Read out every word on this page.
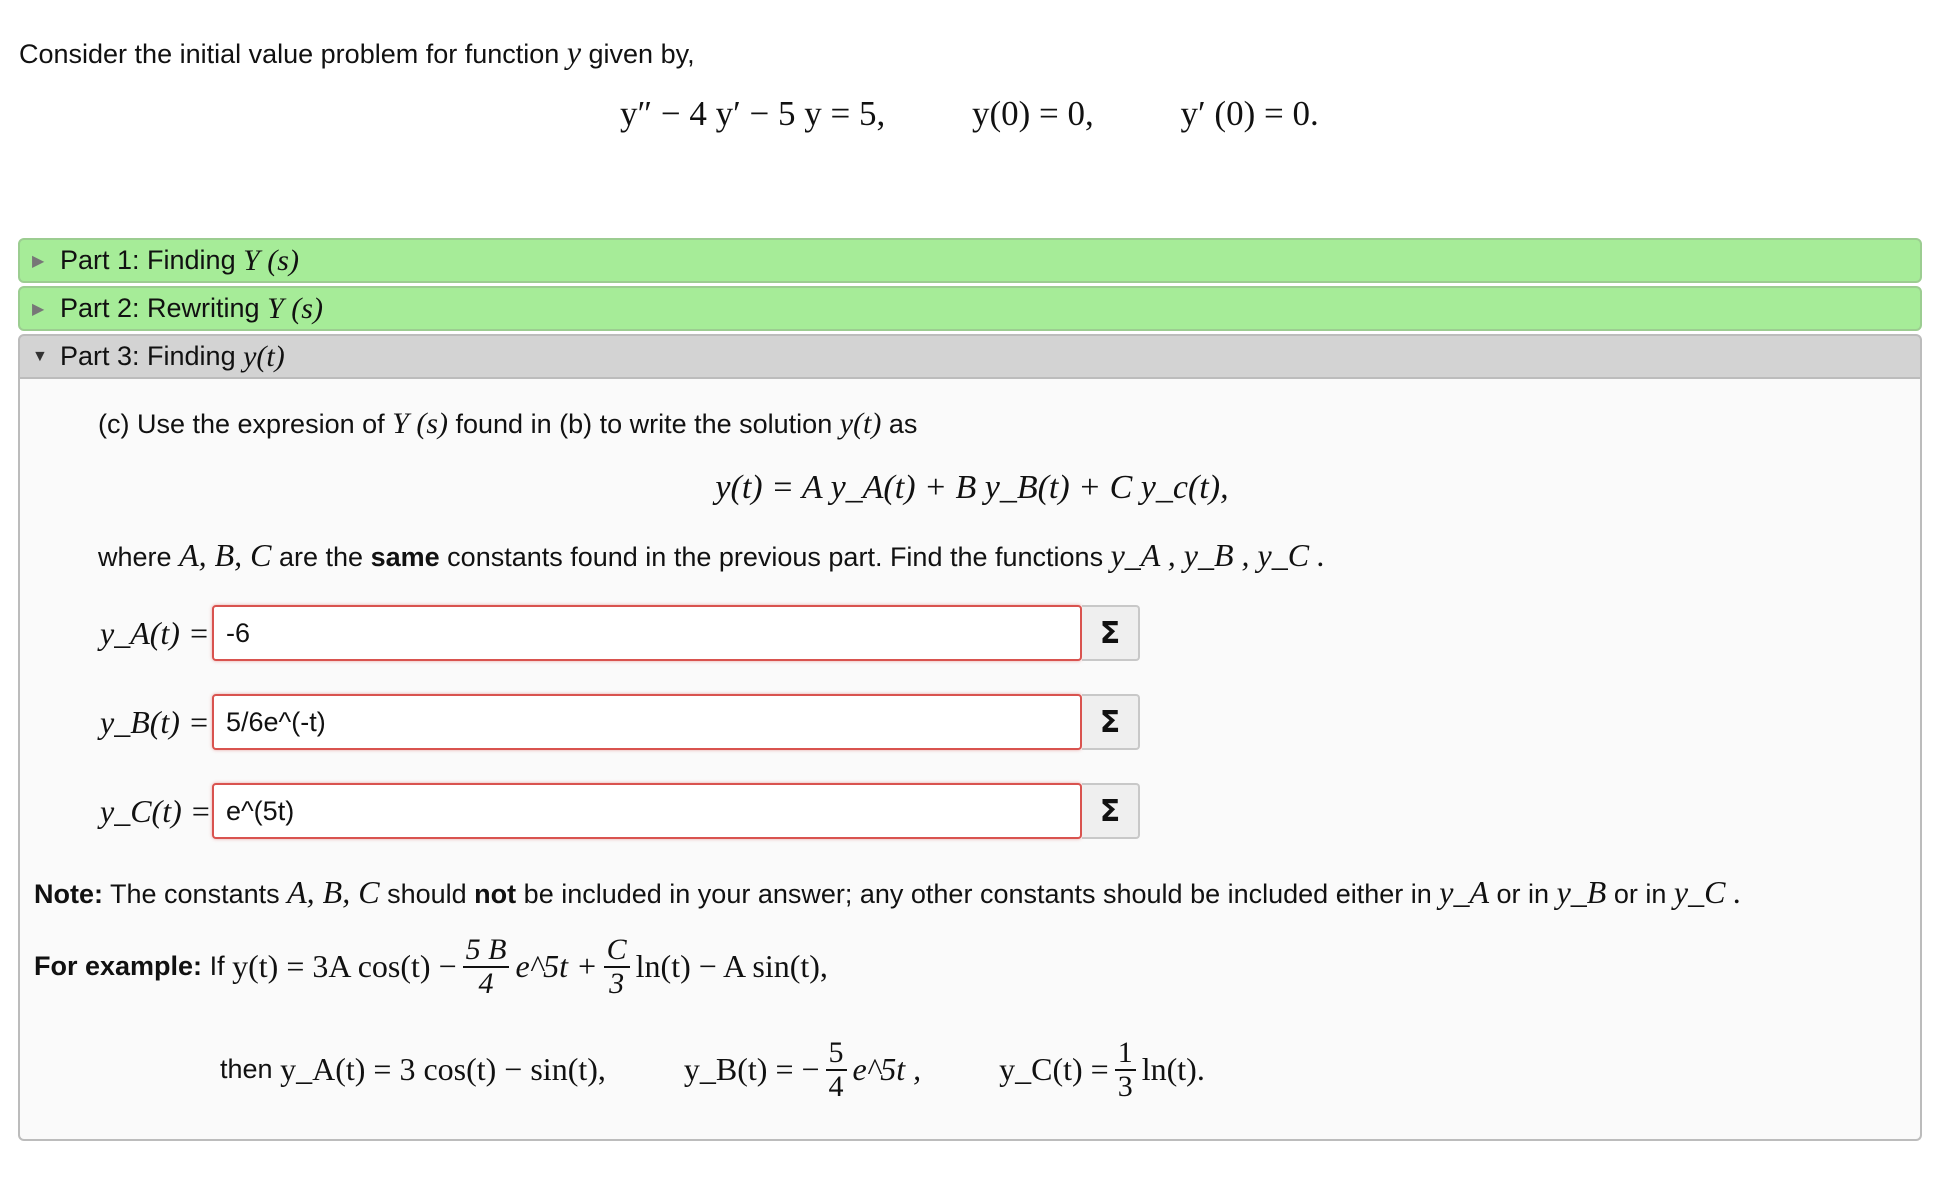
Consider the initial value problem for function y given by,
y″ − 4 y′ − 5 y = 5, y(0) = 0, y′ (0) = 0.
▶ Part 1: Finding
Y (s)
▶ Part 2: Rewriting
Y (s)
▼ Part 3: Finding
y(t)
(c) Use the expresion of Y (s) found in (b) to write the solution y(t) as
y(t) = A y_A(t) + B y_B(t) + C y_c(t),
where A, B, C are the same constants found in the previous part. Find the functions y_A , y_B , y_C .
y_A(t) =
-6	Σ
y_B(t) =
5/6e^(-t)	Σ
y_C(t) =
e^(5t)	Σ
Note: The constants A, B, C should not be included in your answer; any other constants should be included either in y_A or in y_B or in y_C .
For example:
If
y(t) = 3A $\cos(t) - \frac{5 B}{4}$ e^5t + $\frac{C}{3} \ln(t) - A$ sin(t),
then
y_A(t) = 3 cos(t) − sin(t), y_B(t) = − $\frac{5}{4}$ e^5t , y_C(t) = $\frac{1}{3} \ln(t)$.
